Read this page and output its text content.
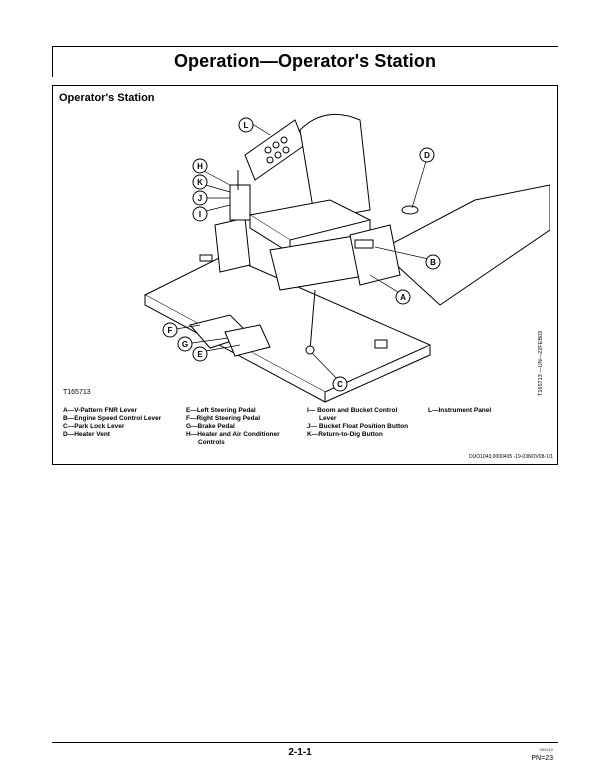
Operation—Operator's Station
Operator's Station
L
D
H
K
J
I
B
A
C
F
G
E
T165713	T165713 —UN—22FEB03
A—V-Pattern FNR Lever
B—Engine Speed Control Lever
C—Park Lock Lever
D—Heater Vent
E—Left Steering Pedal
F—Right Steering Pedal
G—Brake Pedal
H—Heater and Air Conditioner
Controls
I— Boom and Bucket Control
Lever
J— Bucket Float Position Button
K—Return-to-Dig Button
L—Instrument Panel
OUO1043,0000405 -19-03NOV08-1/1
2-1-1	050219
PN=23
